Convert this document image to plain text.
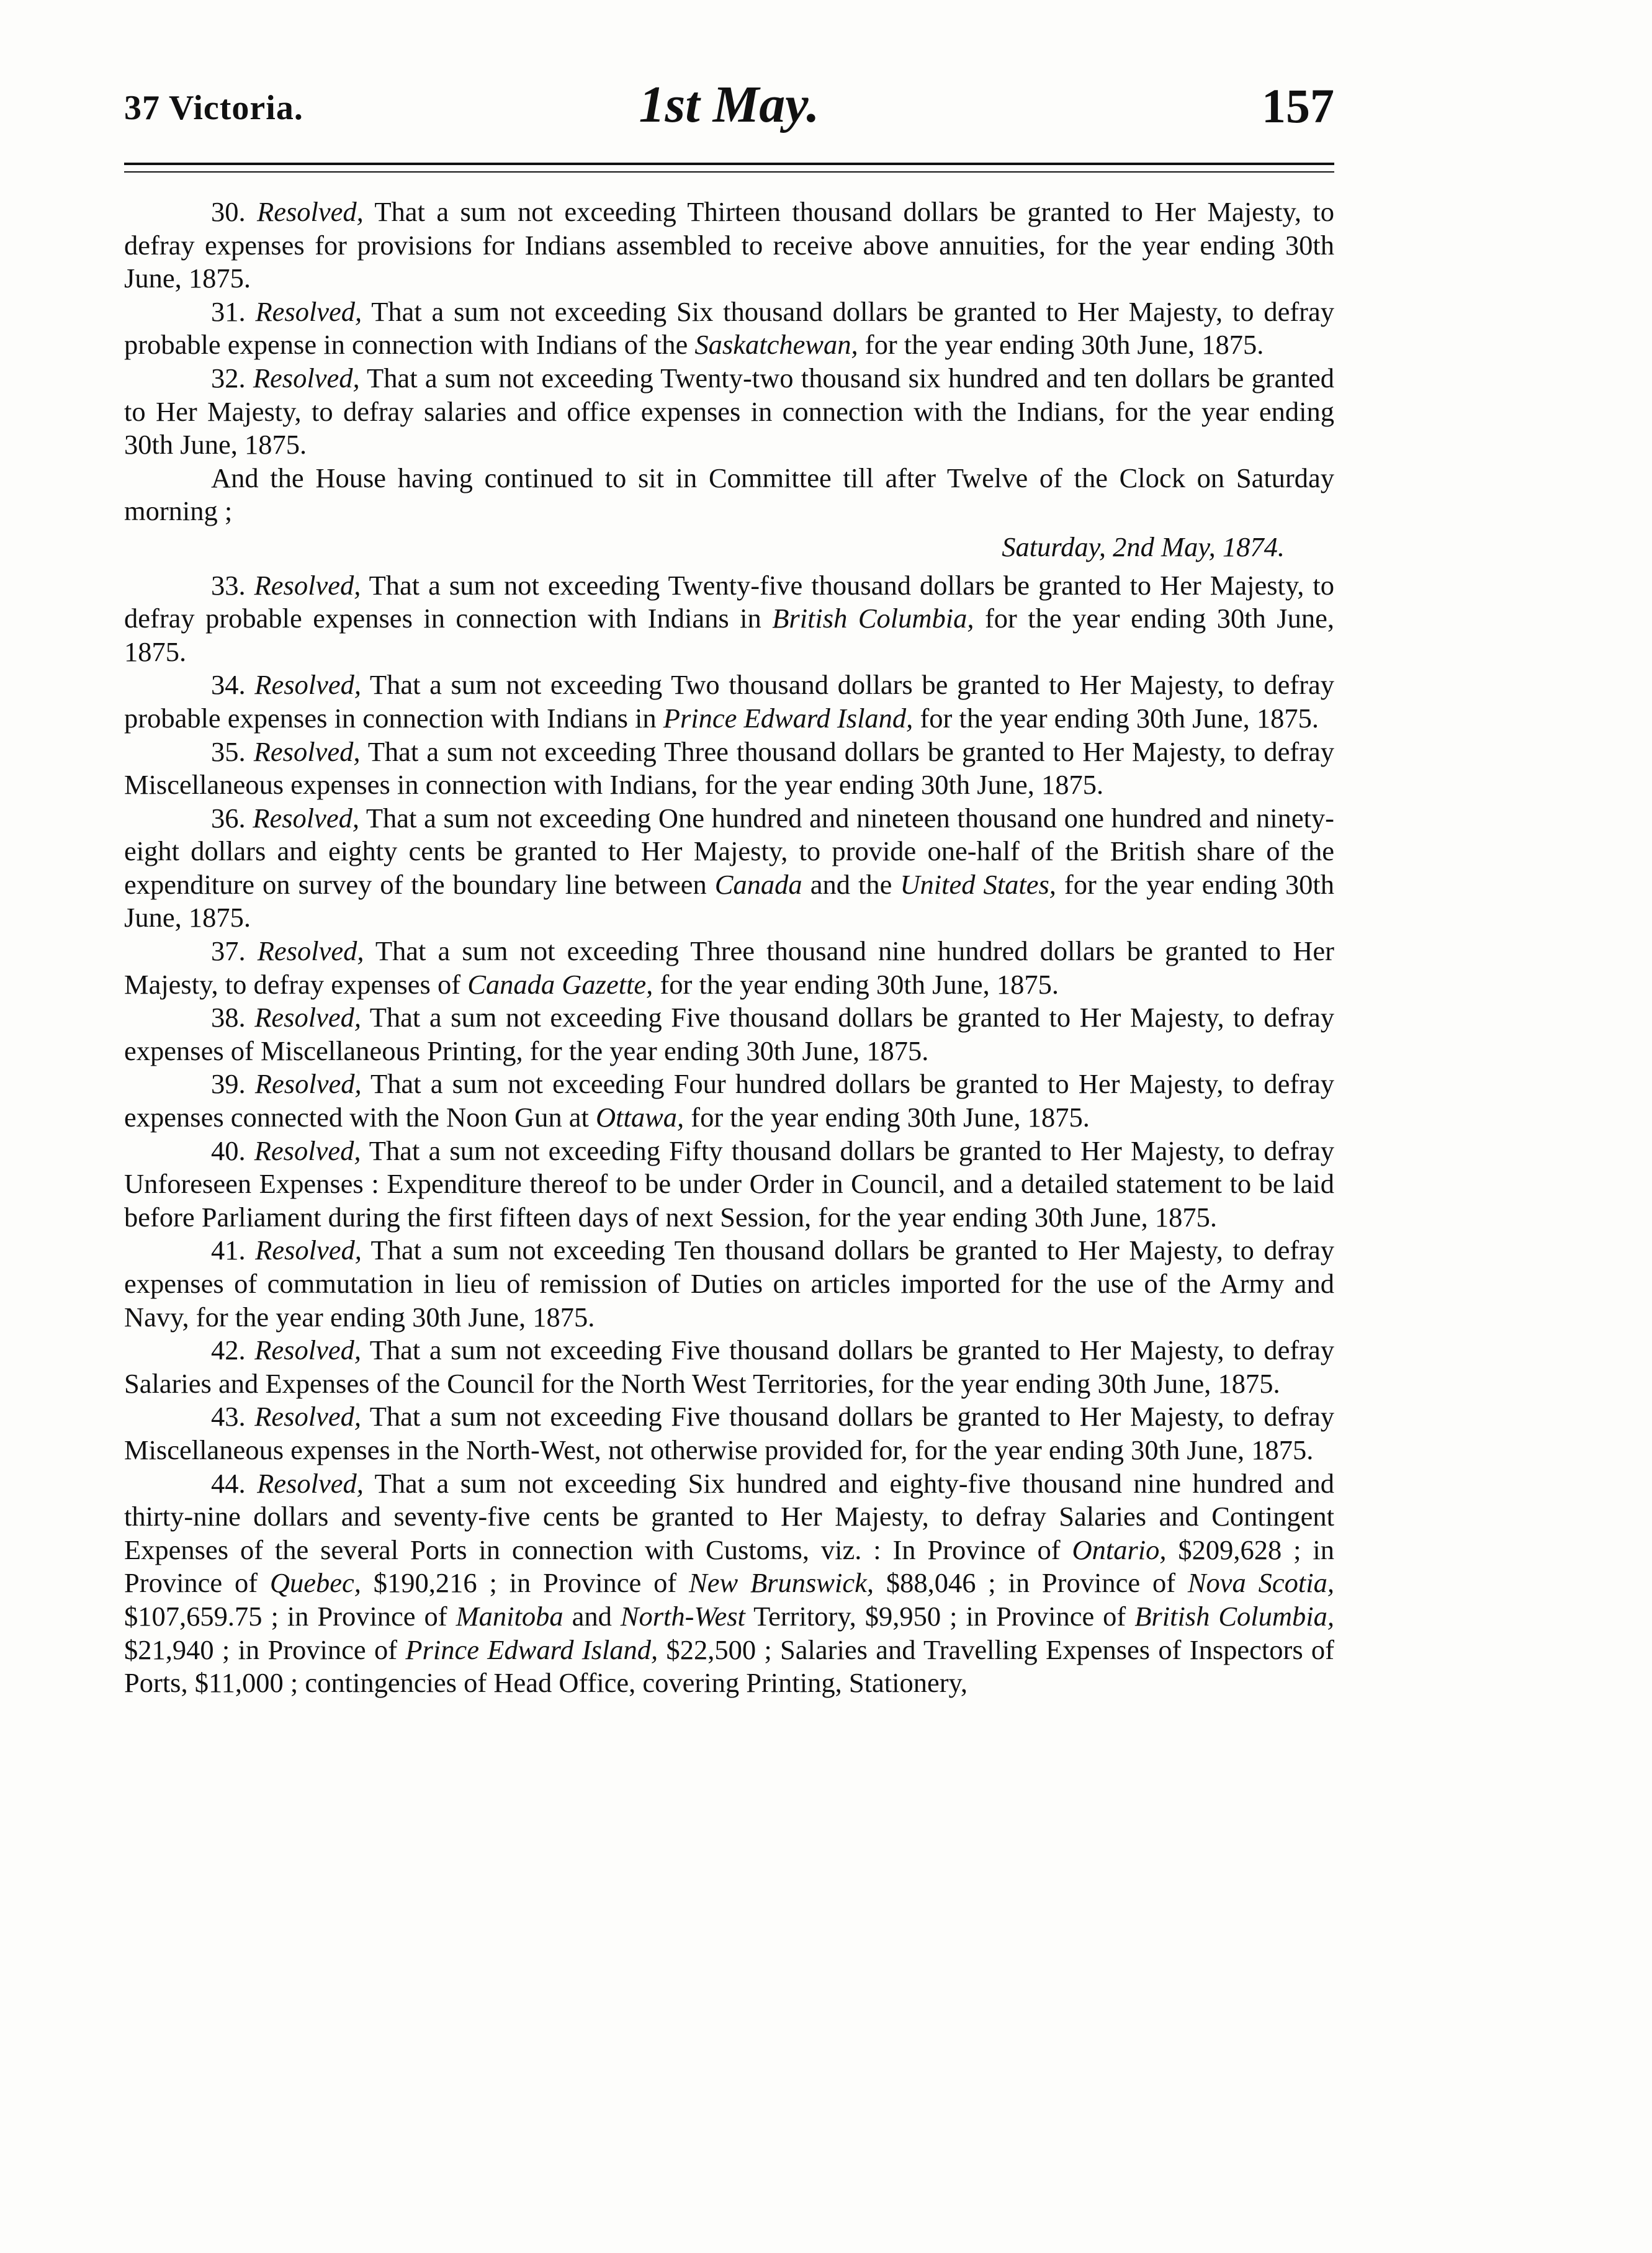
37 Victoria.	1st May.	157

30. Resolved, That a sum not exceeding Thirteen thousand dollars be granted to Her Majesty, to defray expenses for provisions for Indians assembled to receive above annuities, for the year ending 30th June, 1875.

31. Resolved, That a sum not exceeding Six thousand dollars be granted to Her Majesty, to defray probable expense in connection with Indians of the Saskatchewan, for the year ending 30th June, 1875.

32. Resolved, That a sum not exceeding Twenty-two thousand six hundred and ten dollars be granted to Her Majesty, to defray salaries and office expenses in connection with the Indians, for the year ending 30th June, 1875.

And the House having continued to sit in Committee till after Twelve of the Clock on Saturday morning ;

Saturday, 2nd May, 1874.

33. Resolved, That a sum not exceeding Twenty-five thousand dollars be granted to Her Majesty, to defray probable expenses in connection with Indians in British Columbia, for the year ending 30th June, 1875.

34. Resolved, That a sum not exceeding Two thousand dollars be granted to Her Majesty, to defray probable expenses in connection with Indians in Prince Edward Island, for the year ending 30th June, 1875.

35. Resolved, That a sum not exceeding Three thousand dollars be granted to Her Majesty, to defray Miscellaneous expenses in connection with Indians, for the year ending 30th June, 1875.

36. Resolved, That a sum not exceeding One hundred and nineteen thousand one hundred and ninety-eight dollars and eighty cents be granted to Her Majesty, to provide one-half of the British share of the expenditure on survey of the boundary line between Canada and the United States, for the year ending 30th June, 1875.

37. Resolved, That a sum not exceeding Three thousand nine hundred dollars be granted to Her Majesty, to defray expenses of Canada Gazette, for the year ending 30th June, 1875.

38. Resolved, That a sum not exceeding Five thousand dollars be granted to Her Majesty, to defray expenses of Miscellaneous Printing, for the year ending 30th June, 1875.

39. Resolved, That a sum not exceeding Four hundred dollars be granted to Her Majesty, to defray expenses connected with the Noon Gun at Ottawa, for the year ending 30th June, 1875.

40. Resolved, That a sum not exceeding Fifty thousand dollars be granted to Her Majesty, to defray Unforeseen Expenses : Expenditure thereof to be under Order in Council, and a detailed statement to be laid before Parliament during the first fifteen days of next Session, for the year ending 30th June, 1875.

41. Resolved, That a sum not exceeding Ten thousand dollars be granted to Her Majesty, to defray expenses of commutation in lieu of remission of Duties on articles imported for the use of the Army and Navy, for the year ending 30th June, 1875.

42. Resolved, That a sum not exceeding Five thousand dollars be granted to Her Majesty, to defray Salaries and Expenses of the Council for the North West Territories, for the year ending 30th June, 1875.

43. Resolved, That a sum not exceeding Five thousand dollars be granted to Her Majesty, to defray Miscellaneous expenses in the North-West, not otherwise provided for, for the year ending 30th June, 1875.

44. Resolved, That a sum not exceeding Six hundred and eighty-five thousand nine hundred and thirty-nine dollars and seventy-five cents be granted to Her Majesty, to defray Salaries and Contingent Expenses of the several Ports in connection with Customs, viz. : In Province of Ontario, $209,628 ; in Province of Quebec, $190,216 ; in Province of New Brunswick, $88,046 ; in Province of Nova Scotia, $107,659.75 ; in Province of Manitoba and North-West Territory, $9,950 ; in Province of British Columbia, $21,940 ; in Province of Prince Edward Island, $22,500 ; Salaries and Travelling Expenses of Inspectors of Ports, $11,000 ; contingencies of Head Office, covering Printing, Stationery,
